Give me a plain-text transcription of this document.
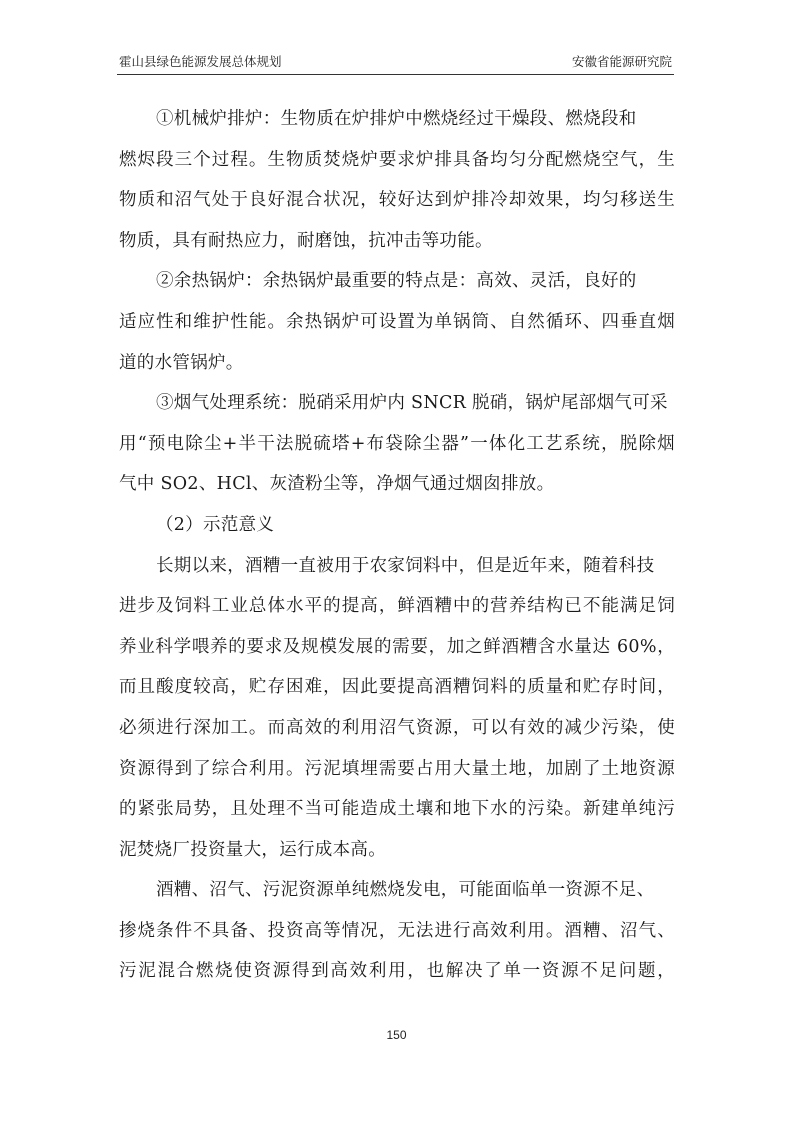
霍山县绿色能源发展总体规划	安徽省能源研究院
①机械炉排炉：生物质在炉排炉中燃烧经过干燥段、燃烧段和
燃烬段三个过程。生物质焚烧炉要求炉排具备均匀分配燃烧空气，生
物质和沼气处于良好混合状况，较好达到炉排冷却效果，均匀移送生
物质，具有耐热应力，耐磨蚀，抗冲击等功能。
②余热锅炉：余热锅炉最重要的特点是：高效、灵活，良好的
适应性和维护性能。余热锅炉可设置为单锅筒、自然循环、四垂直烟
道的水管锅炉。
③烟气处理系统：脱硝采用炉内 SNCR 脱硝，锅炉尾部烟气可采
用“预电除尘+半干法脱硫塔+布袋除尘器”一体化工艺系统，脱除烟
气中 SO2、HCl、灰渣粉尘等，净烟气通过烟囱排放。
（2）示范意义
长期以来，酒糟一直被用于农家饲料中，但是近年来，随着科技
进步及饲料工业总体水平的提高，鲜酒糟中的营养结构已不能满足饲
养业科学喂养的要求及规模发展的需要，加之鲜酒糟含水量达 60%，
而且酸度较高，贮存困难，因此要提高酒糟饲料的质量和贮存时间，
必须进行深加工。而高效的利用沼气资源，可以有效的减少污染，使
资源得到了综合利用。污泥填埋需要占用大量土地，加剧了土地资源
的紧张局势，且处理不当可能造成土壤和地下水的污染。新建单纯污
泥焚烧厂投资量大，运行成本高。
酒糟、沼气、污泥资源单纯燃烧发电，可能面临单一资源不足、
掺烧条件不具备、投资高等情况，无法进行高效利用。酒糟、沼气、
污泥混合燃烧使资源得到高效利用，也解决了单一资源不足问题，
150
